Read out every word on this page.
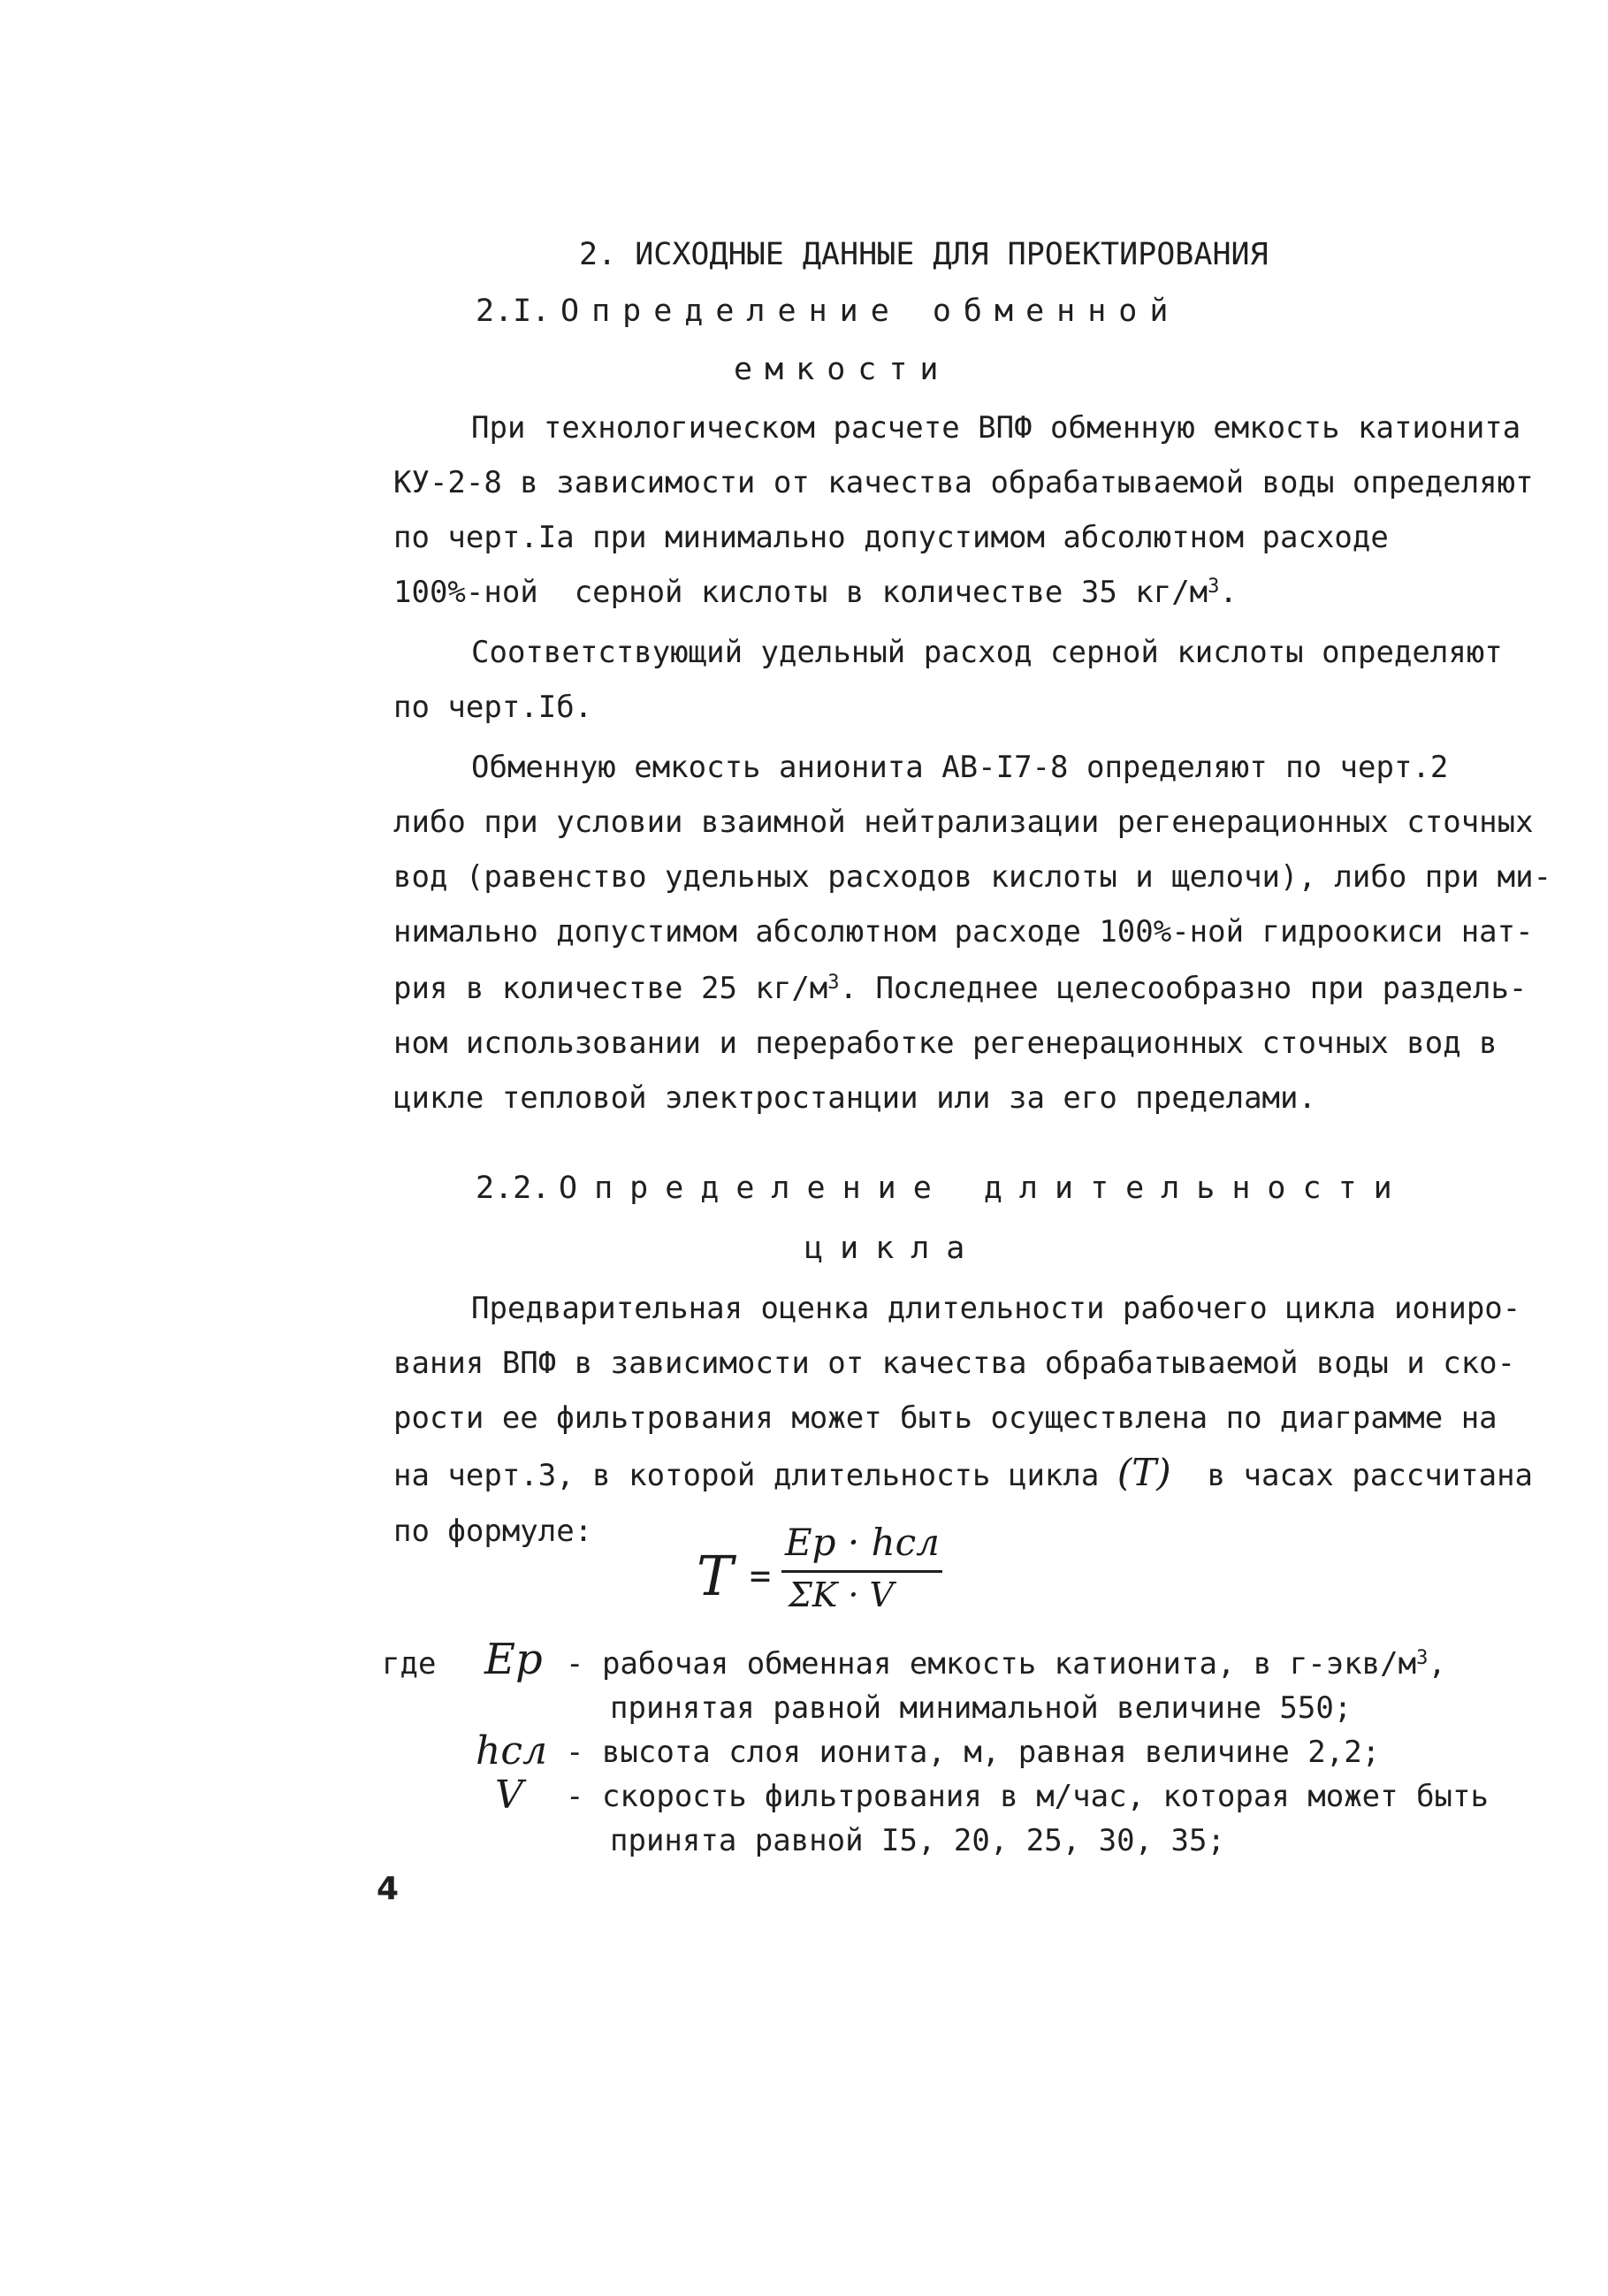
2. ИСХОДНЫЕ ДАННЫЕ ДЛЯ ПРОЕКТИРОВАНИЯ
2.I. Определение обменной
емкости
При технологическом расчете ВПФ обменную емкость катионита
КУ-2-8 в зависимости от качества обрабатываемой воды определяют
по черт.Iа при минимально допустимом абсолютном расходе
100%-ной  серной кислоты в количестве 35 $кг/м^3$.
Соответствующий удельный расход серной кислоты определяют
по черт.Iб.
Обменную емкость анионита АВ-I7-8 определяют по черт.2
либо при условии взаимной нейтрализации регенерационных сточных
вод (равенство удельных расходов кислоты и щелочи), либо при ми-
нимально допустимом абсолютном расходе 100%-ной гидроокиси нат-
рия в количестве 25 $кг/м^3$. Последнее целесообразно при раздель-
ном использовании и переработке регенерационных сточных вод в
цикле тепловой электростанции или за его пределами.
2.2. Определение длительности
цикла
Предварительная оценка длительности рабочего цикла иониро-
вания ВПФ в зависимости от качества обрабатываемой воды и ско-
рости ее фильтрования может быть осуществлена по диаграмме на
на черт.3, в которой длительность цикла (T) в часах рассчитана
по формуле:
T =
Eр · hсл
ΣK · V
где Eр - рабочая обменная емкость катионита, в $г-экв/м^3$,
принятая равной минимальной величине 550;
hсл - высота слоя ионита, м, равная величине 2,2;
V - скорость фильтрования в м/час, которая может быть
принята равной I5, 20, 25, 30, 35;
4
